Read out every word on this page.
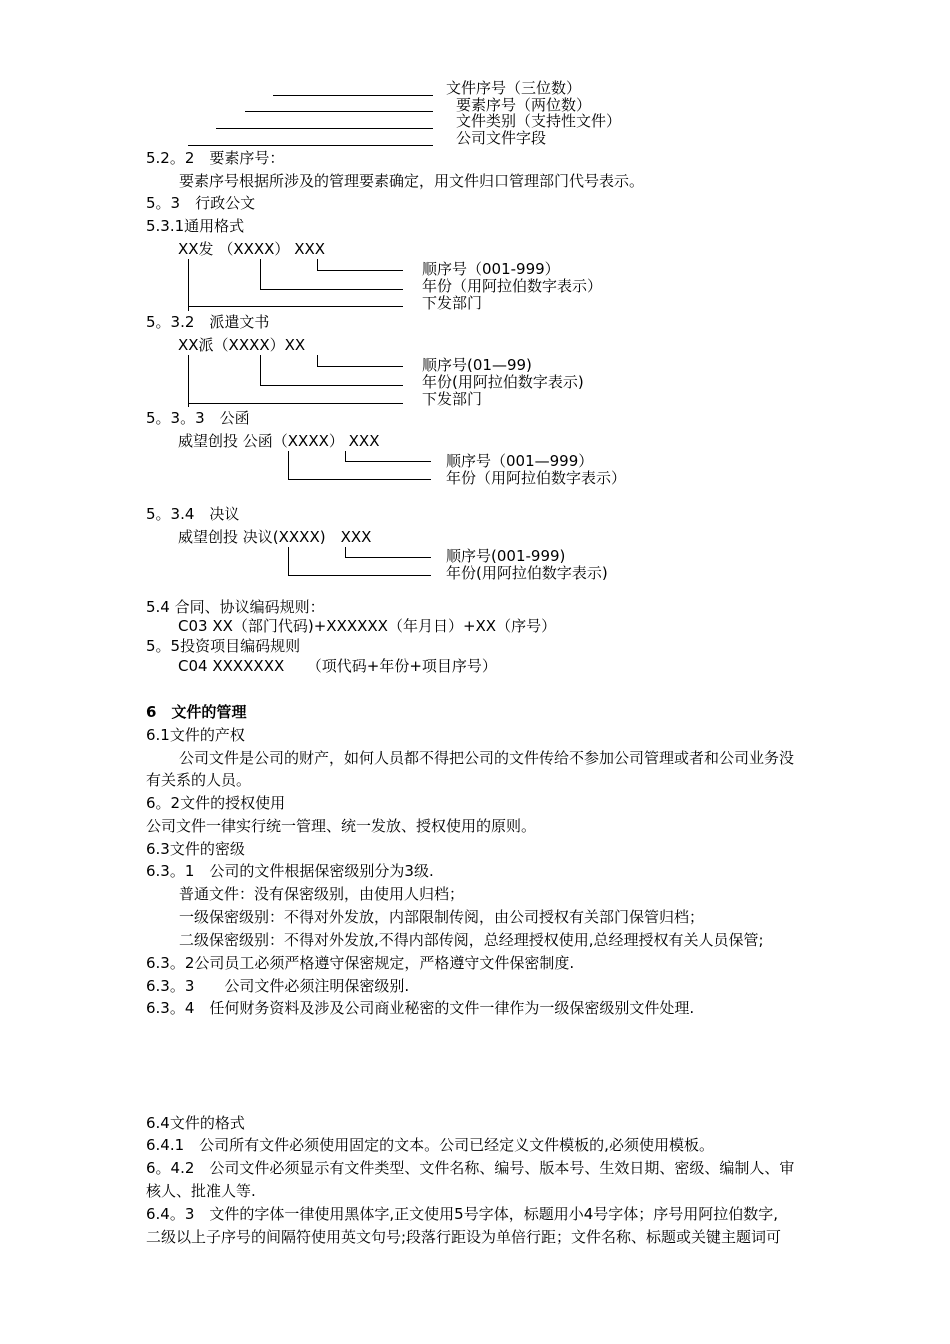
文件序号（三位数）
要素序号（两位数）
文件类别（支持性文件）
公司文件字段
5.2。2　要素序号：
要素序号根据所涉及的管理要素确定，用文件归口管理部门代号表示。
5。3　行政公文
5.3.1通用格式
XX发 （XXXX） XXX
顺序号（001-999）
年份（用阿拉伯数字表示）
下发部门
5。3.2　派遣文书
XX派（XXXX）XX
顺序号(01—99)
年份(用阿拉伯数字表示)
下发部门
5。3。3　公函
威望创投 公函（XXXX） XXX
顺序号（001—999）
年份（用阿拉伯数字表示）
5。3.4　决议
威望创投 决议(XXXX)　XXX
顺序号(001-999)
年份(用阿拉伯数字表示)
5.4 合同、协议编码规则：
C03 XX（部门代码)+XXXXXX（年月日）+XX（序号）
5。5投资项目编码规则
C04 XXXXXXX　　（项代码+年份+项目序号）
6　文件的管理
6.1文件的产权
公司文件是公司的财产，如何人员都不得把公司的文件传给不参加公司管理或者和公司业务没
有关系的人员。
6。2文件的授权使用
公司文件一律实行统一管理、统一发放、授权使用的原则。
6.3文件的密级
6.3。1　公司的文件根据保密级别分为3级.
普通文件：没有保密级别，由使用人归档；
一级保密级别：不得对外发放，内部限制传阅，由公司授权有关部门保管归档；
二级保密级别：不得对外发放,不得内部传阅，总经理授权使用,总经理授权有关人员保管;
6.3。2公司员工必须严格遵守保密规定，严格遵守文件保密制度.
6.3。3　　公司文件必须注明保密级别.
6.3。4　任何财务资料及涉及公司商业秘密的文件一律作为一级保密级别文件处理.
6.4文件的格式
6.4.1　公司所有文件必须使用固定的文本。公司已经定义文件模板的,必须使用模板。
6。4.2　公司文件必须显示有文件类型、文件名称、编号、版本号、生效日期、密级、编制人、审
核人、批准人等.
6.4。3　文件的字体一律使用黑体字,正文使用5号字体，标题用小4号字体；序号用阿拉伯数字,
二级以上子序号的间隔符使用英文句号;段落行距设为单倍行距；文件名称、标题或关键主题词可
